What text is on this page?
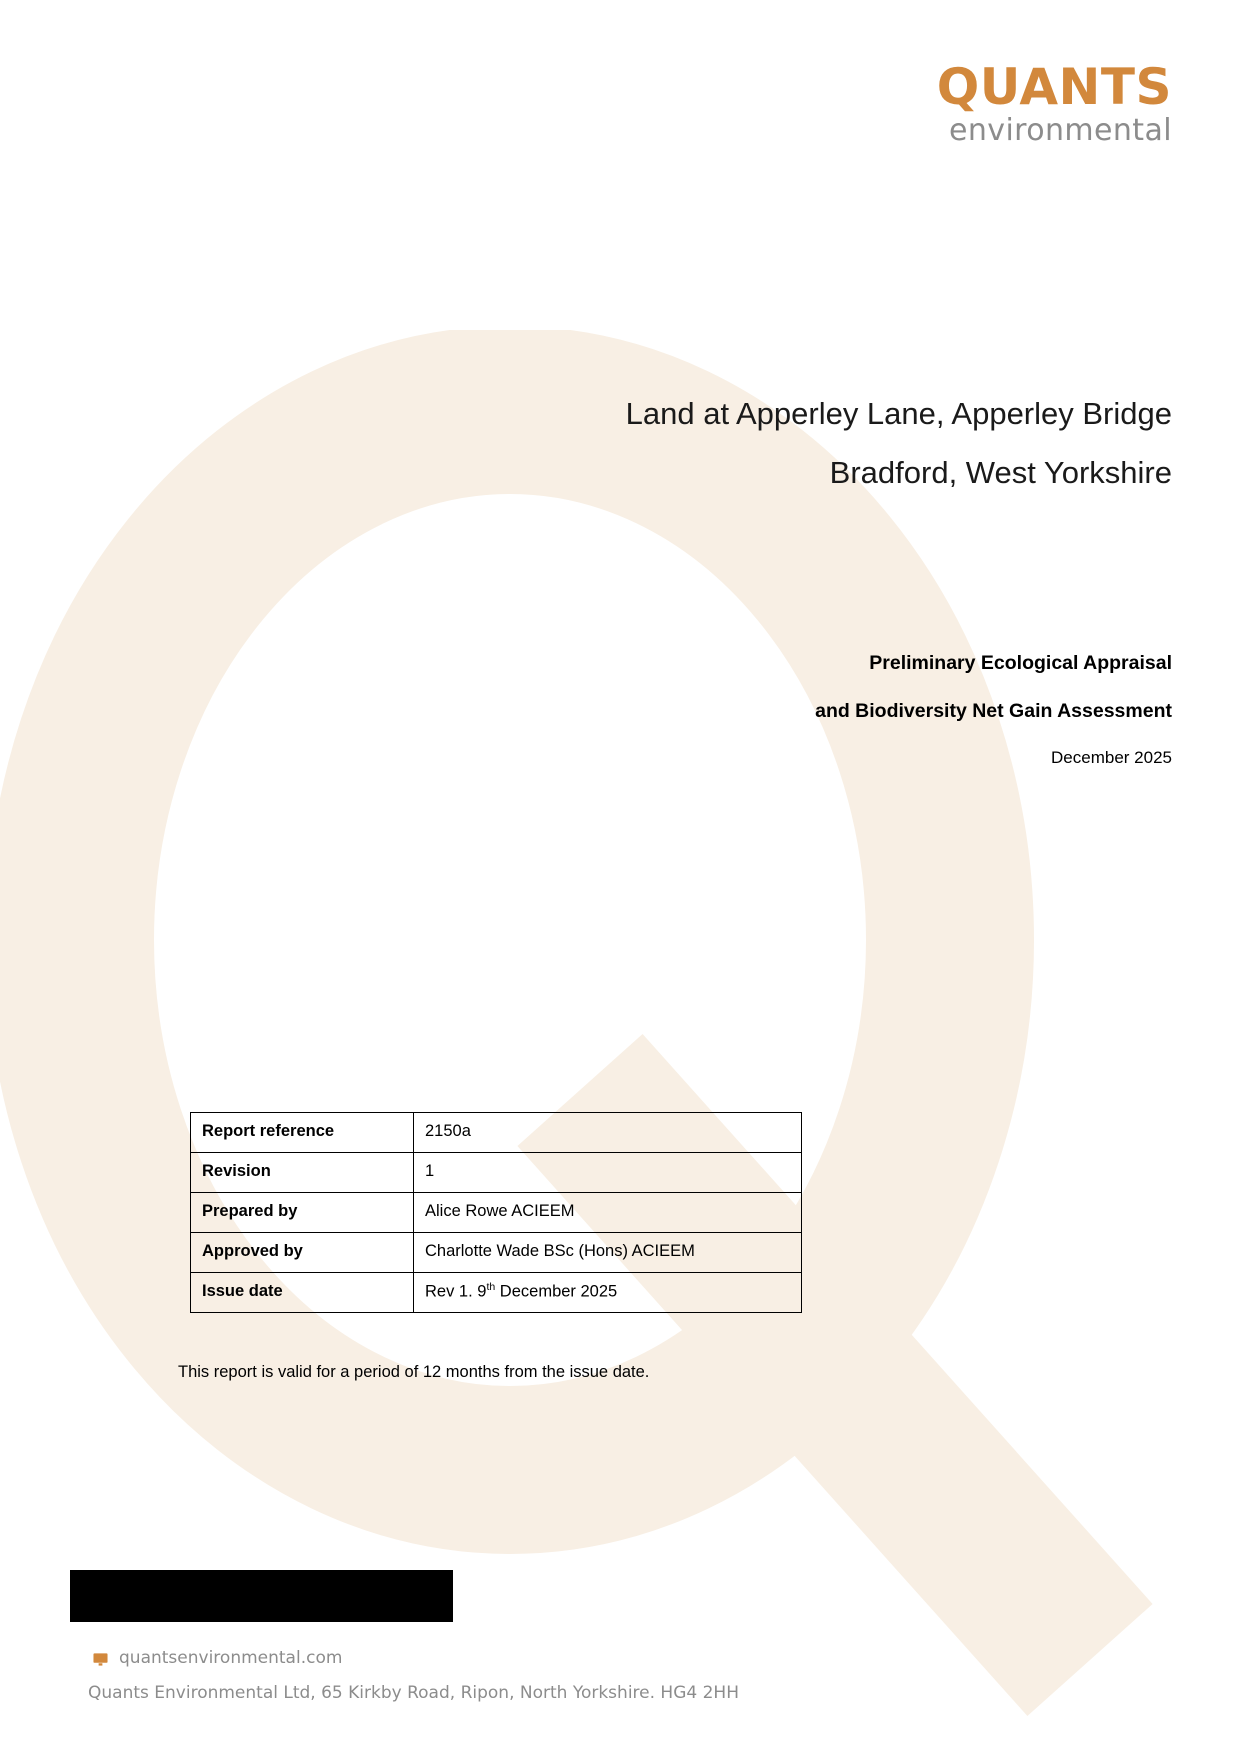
QUANTS
environmental
Land at Apperley Lane, Apperley Bridge
Bradford, West Yorkshire
Preliminary Ecological Appraisal
and Biodiversity Net Gain Assessment
December 2025
Report reference	2150a
Revision	1
Prepared by	Alice Rowe ACIEEM
Approved by	Charlotte Wade BSc (Hons) ACIEEM
Issue date	Rev 1. 9th December 2025
This report is valid for a period of 12 months from the issue date.
quantsenvironmental.com
Quants Environmental Ltd, 65 Kirkby Road, Ripon, North Yorkshire. HG4 2HH
